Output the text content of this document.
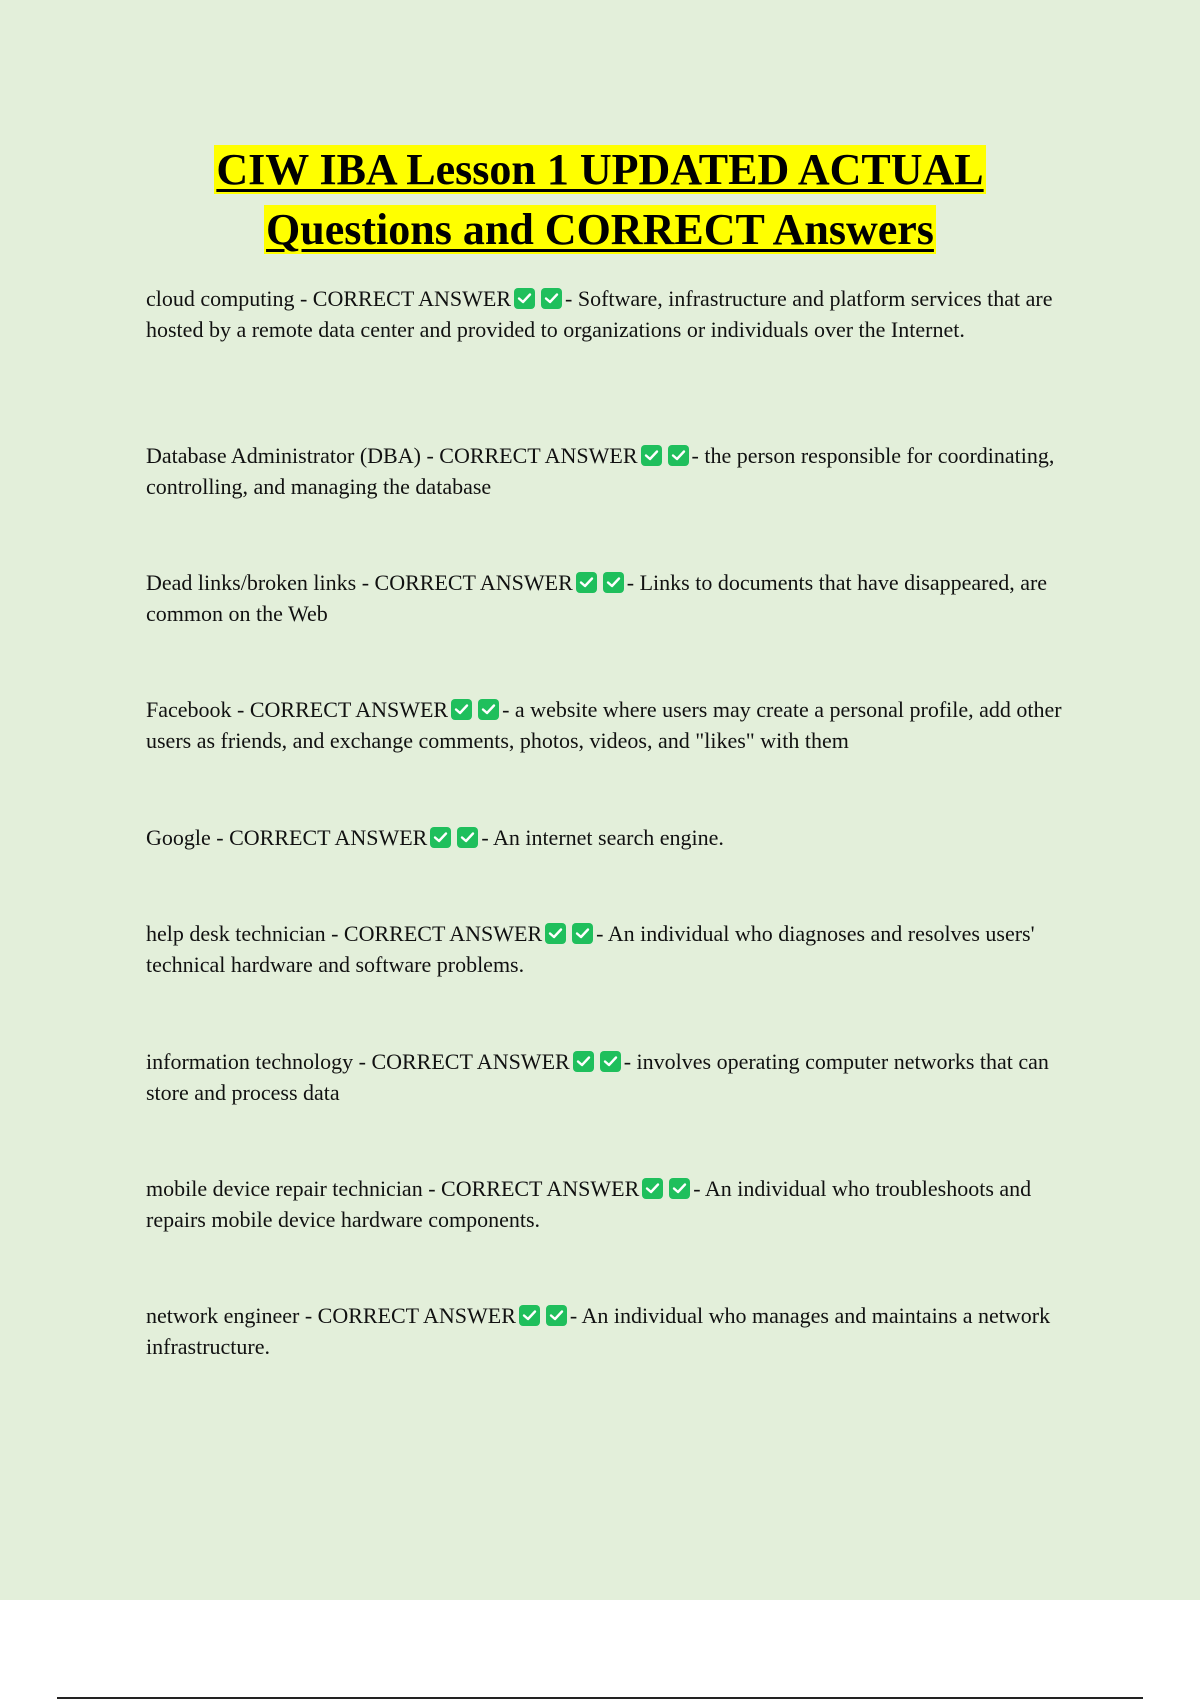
CIW IBA Lesson 1 UPDATED ACTUAL
Questions and CORRECT Answers
cloud computing - CORRECT ANSWER - Software, infrastructure and platform services that are hosted by a remote data center and provided to organizations or individuals over the Internet.
Database Administrator (DBA) - CORRECT ANSWER - the person responsible for coordinating, controlling, and managing the database
Dead links/broken links - CORRECT ANSWER - Links to documents that have disappeared, are common on the Web
Facebook - CORRECT ANSWER - a website where users may create a personal profile, add other users as friends, and exchange comments, photos, videos, and "likes" with them
Google - CORRECT ANSWER - An internet search engine.
help desk technician - CORRECT ANSWER - An individual who diagnoses and resolves users' technical hardware and software problems.
information technology - CORRECT ANSWER - involves operating computer networks that can store and process data
mobile device repair technician - CORRECT ANSWER - An individual who troubleshoots and repairs mobile device hardware components.
network engineer - CORRECT ANSWER - An individual who manages and maintains a network infrastructure.
